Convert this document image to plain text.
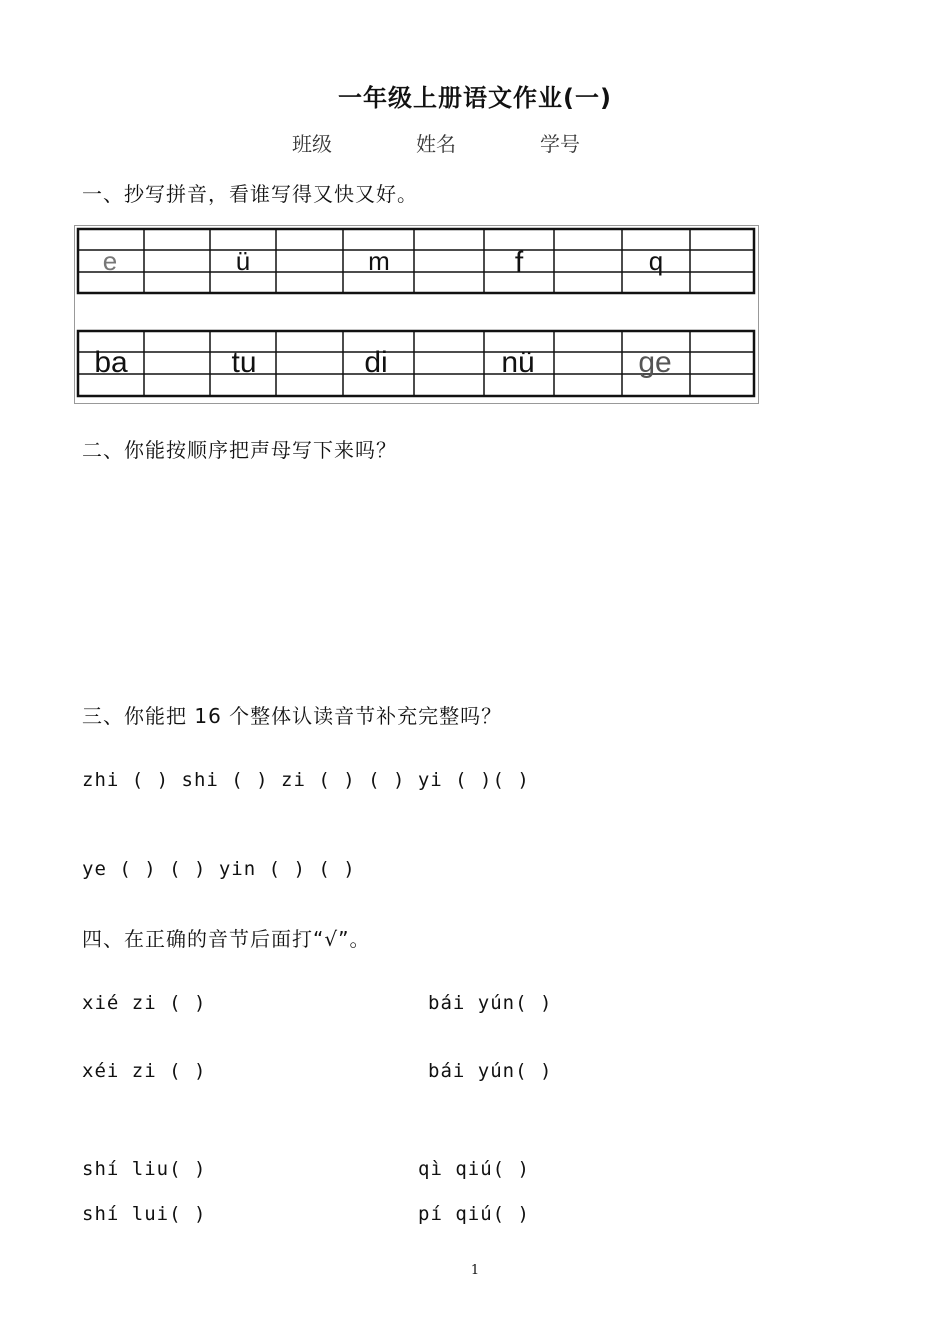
一年级上册语文作业(一)
班级	姓名	学号
一、抄写拼音，看谁写得又快又好。
e	ü	m	f	q
ba	tu	di	nü	ge
二、你能按顺序把声母写下来吗？
三、你能把 16 个整体认读音节补充完整吗？
zhi ( ) shi ( ) zi ( ) ( ) yi ( )( )
ye ( ) ( ) yin ( ) ( )
四、在正确的音节后面打“√”。
xié zi ( )	bái yún( )
xéi zi ( )	bái yún( )
shí liu( )	qì qiú( )
shí lui( )	pí qiú( )
1
